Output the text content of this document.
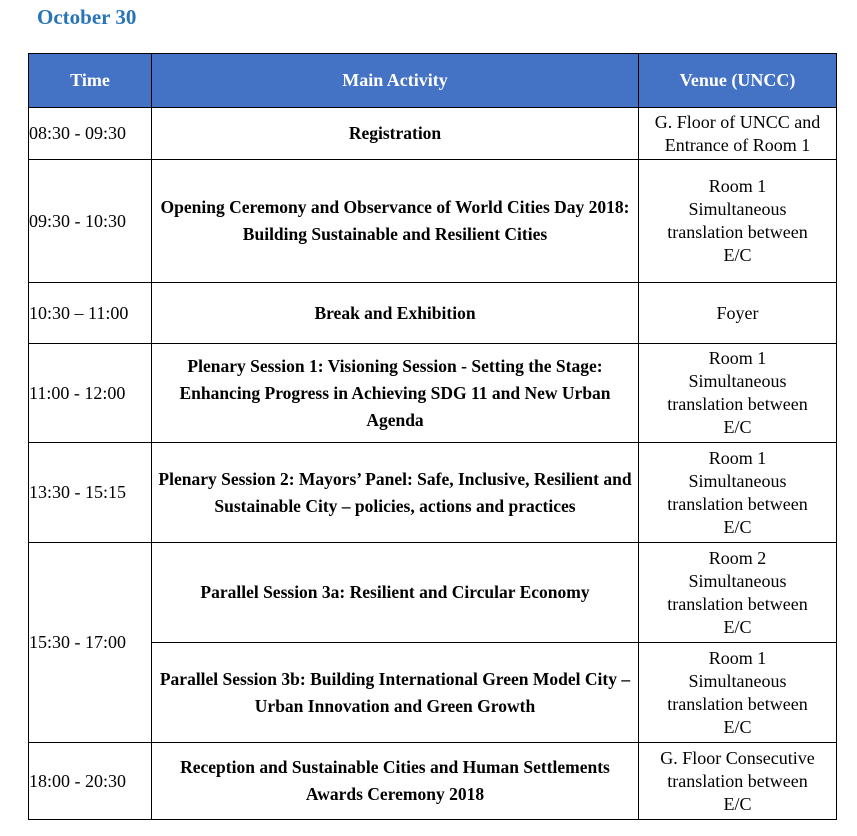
October 30
Time	Main Activity	Venue (UNCC)
08:30 - 09:30	Registration	G. Floor of UNCC and
Entrance of Room 1

09:30 - 10:30	Opening Ceremony and Observance of World Cities Day 2018: Building Sustainable and Resilient Cities	Room 1
Simultaneous
translation between
E/C

10:30 – 11:00	Break and Exhibition	Foyer

11:00 - 12:00	Plenary Session 1: Visioning Session - Setting the Stage: Enhancing Progress in Achieving SDG 11 and New Urban Agenda	Room 1
Simultaneous
translation between
E/C

13:30 - 15:15	Plenary Session 2: Mayors’ Panel: Safe, Inclusive, Resilient and Sustainable City – policies, actions and practices	Room 1
Simultaneous
translation between
E/C

15:30 - 17:00	Parallel Session 3a: Resilient and Circular Economy	Room 2
Simultaneous
translation between
E/C

	Parallel Session 3b: Building International Green Model City – Urban Innovation and Green Growth	Room 1
Simultaneous
translation between
E/C

18:00 - 20:30	Reception and Sustainable Cities and Human Settlements Awards Ceremony 2018	G. Floor Consecutive
translation between
E/C
